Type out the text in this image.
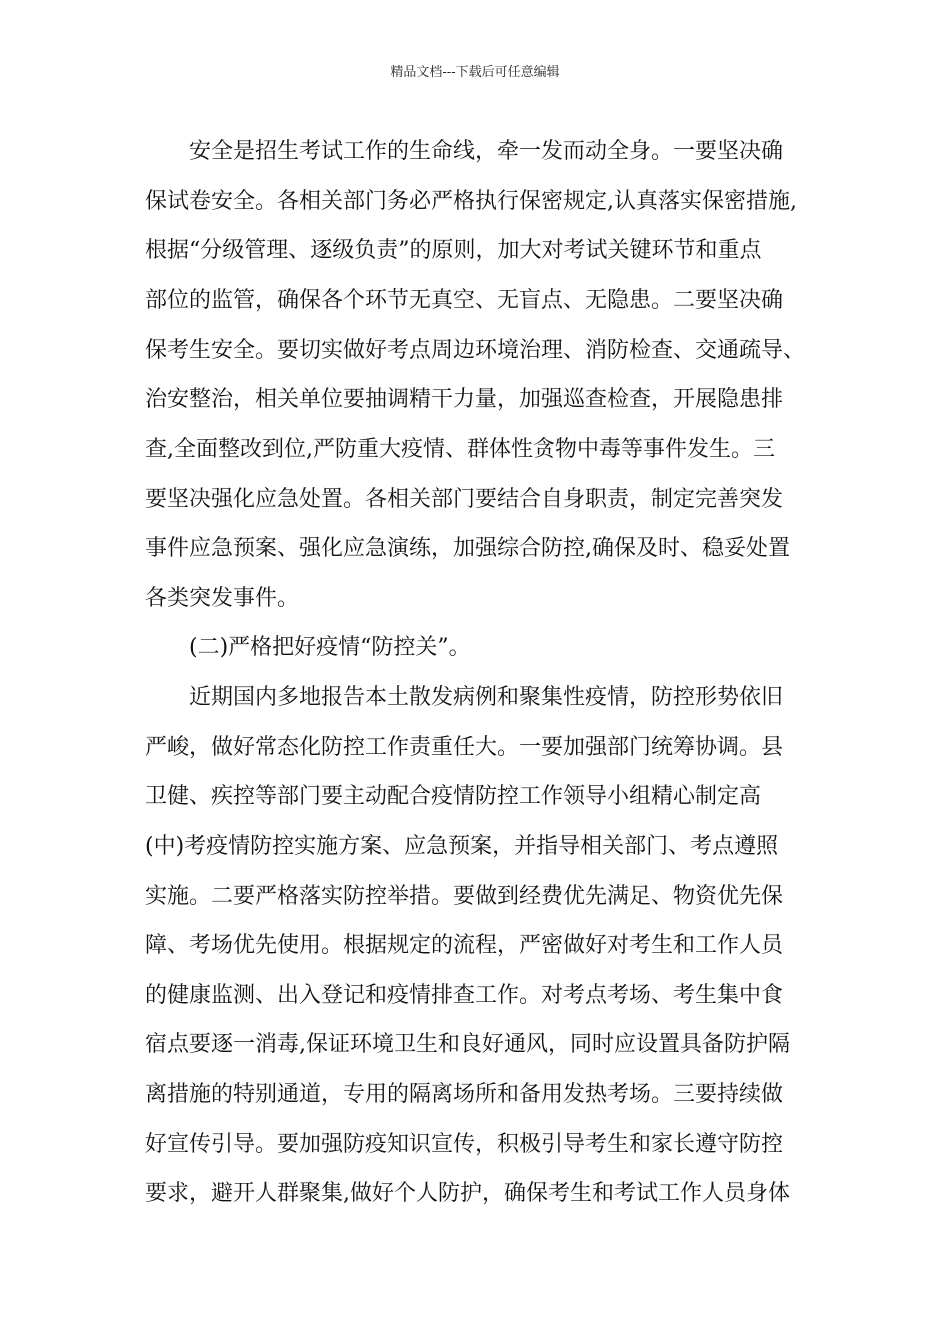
精品文档---下载后可任意编辑
安全是招生考试工作的生命线，牵一发而动全身。一要坚决确
保试卷安全。各相关部门务必严格执行保密规定,认真落实保密措施,
根据“分级管理、逐级负责”的原则，加大对考试关键环节和重点
部位的监管，确保各个环节无真空、无盲点、无隐患。二要坚决确
保考生安全。要切实做好考点周边环境治理、消防检查、交通疏导、
治安整治，相关单位要抽调精干力量，加强巡查检查，开展隐患排
查,全面整改到位,严防重大疫情、群体性贪物中毒等事件发生。三
要坚决强化应急处置。各相关部门要结合自身职责，制定完善突发
事件应急预案、强化应急演练，加强综合防控,确保及时、稳妥处置
各类突发事件。
(二)严格把好疫情“防控关”。
近期国内多地报告本土散发病例和聚集性疫情，防控形势依旧
严峻，做好常态化防控工作责重任大。一要加强部门统筹协调。县
卫健、疾控等部门要主动配合疫情防控工作领导小组精心制定高
(中)考疫情防控实施方案、应急预案，并指导相关部门、考点遵照
实施。二要严格落实防控举措。要做到经费优先满足、物资优先保
障、考场优先使用。根据规定的流程，严密做好对考生和工作人员
的健康监测、出入登记和疫情排查工作。对考点考场、考生集中食
宿点要逐一消毒,保证环境卫生和良好通风，同时应设置具备防护隔
离措施的特别通道，专用的隔离场所和备用发热考场。三要持续做
好宣传引导。要加强防疫知识宣传，积极引导考生和家长遵守防控
要求，避开人群聚集,做好个人防护，确保考生和考试工作人员身体
